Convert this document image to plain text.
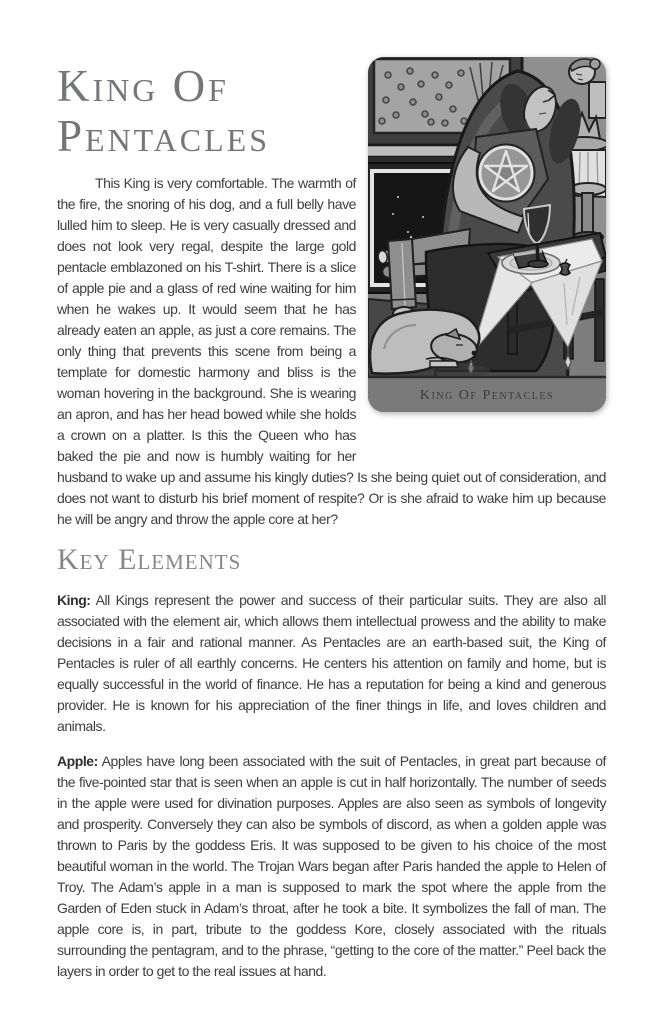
King Of Pentacles
King Of
Pentacles

This King is very comfortable. The warmth of the fire, the snoring of his dog, and a full belly have lulled him to sleep. He is very casually dressed and does not look very regal, despite the large gold pentacle emblazoned on his T-shirt. There is a slice of apple pie and a glass of red wine waiting for him when he wakes up. It would seem that he has already eaten an apple, as just a core remains. The only thing that prevents this scene from being a template for domestic harmony and bliss is the woman hovering in the background. She is wearing an apron, and has her head bowed while she holds a crown on a platter. Is this the Queen who has baked the pie and now is humbly waiting for her husband to wake up and assume his kingly duties? Is she being quiet out of consideration, and does not want to disturb his brief moment of respite? Or is she afraid to wake him up because he will be angry and throw the apple core at her?

Key Elements

King: All Kings represent the power and success of their particular suits. They are also all associated with the element air, which allows them intellectual prowess and the ability to make decisions in a fair and rational manner. As Pentacles are an earth-based suit, the King of Pentacles is ruler of all earthly concerns. He centers his attention on family and home, but is equally successful in the world of finance. He has a reputation for being a kind and generous provider. He is known for his appreciation of the finer things in life, and loves children and animals.

Apple: Apples have long been associated with the suit of Pentacles, in great part because of the five-pointed star that is seen when an apple is cut in half horizontally. The number of seeds in the apple were used for divination purposes. Apples are also seen as symbols of longevity and prosperity. Conversely they can also be symbols of discord, as when a golden apple was thrown to Paris by the goddess Eris. It was supposed to be given to his choice of the most beautiful woman in the world. The Trojan Wars began after Paris handed the apple to Helen of Troy. The Adam’s apple in a man is supposed to mark the spot where the apple from the Garden of Eden stuck in Adam’s throat, after he took a bite. It symbolizes the fall of man. The apple core is, in part, tribute to the goddess Kore, closely associated with the rituals surrounding the pentagram, and to the phrase, “getting to the core of the matter.” Peel back the layers in order to get to the real issues at hand.
